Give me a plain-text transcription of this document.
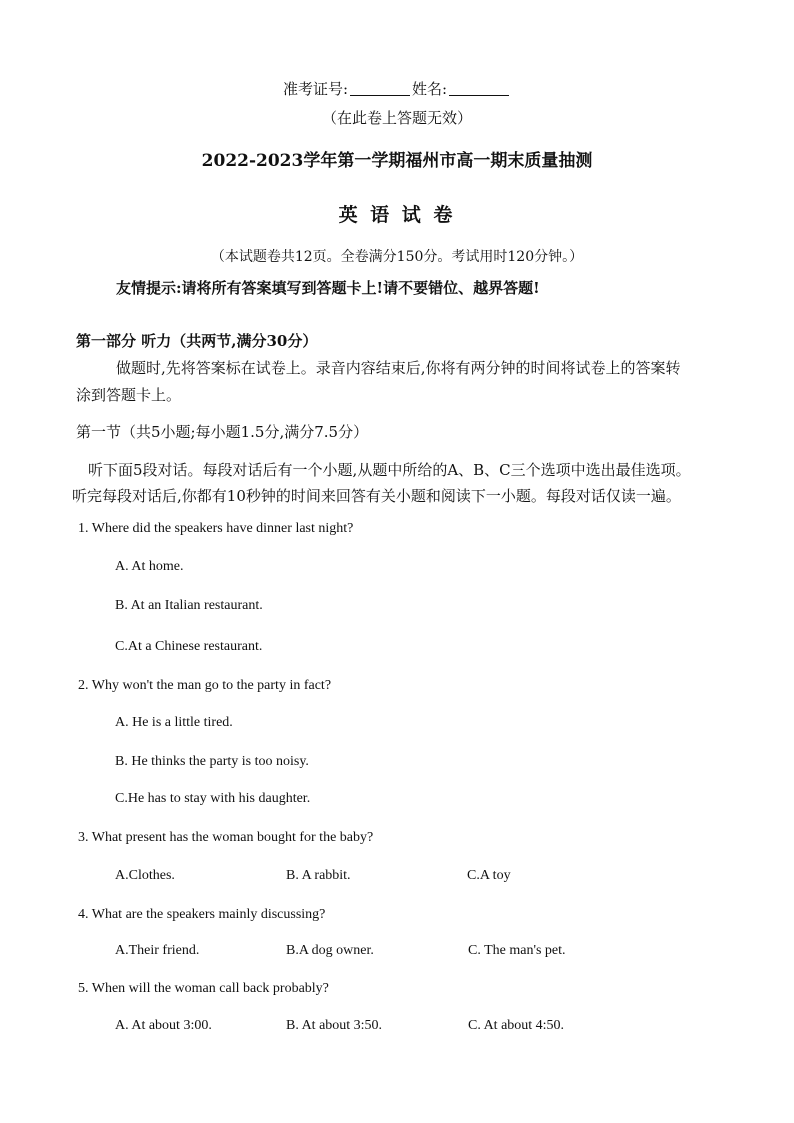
准考证号:	姓名:
（在此卷上答题无效）
2022-2023学年第一学期福州市高一期末质量抽测
英 语 试 卷
（本试题卷共12页。全卷满分150分。考试用时120分钟。）
友情提示:请将所有答案填写到答题卡上!请不要错位、越界答题!
第一部分 听力（共两节,满分30分）
做题时,先将答案标在试卷上。录音内容结束后,你将有两分钟的时间将试卷上的答案转
涂到答题卡上。
第一节（共5小题;每小题1.5分,满分7.5分）
听下面5段对话。每段对话后有一个小题,从题中所给的A、B、C三个选项中选出最佳选项。
听完每段对话后,你都有10秒钟的时间来回答有关小题和阅读下一小题。每段对话仅读一遍。
1. Where did the speakers have dinner last night?
A. At home.
B. At an Italian restaurant.
C.At a Chinese restaurant.
2. Why won't the man go to the party in fact?
A. He is a little tired.
B. He thinks the party is too noisy.
C.He has to stay with his daughter.
3. What present has the woman bought for the baby?
A.Clothes.	B. A rabbit.	C.A toy
4. What are the speakers mainly discussing?
A.Their friend.	B.A dog owner.	C. The man's pet.
5. When will the woman call back probably?
A. At about 3:00.	B. At about 3:50.	C. At about 4:50.
